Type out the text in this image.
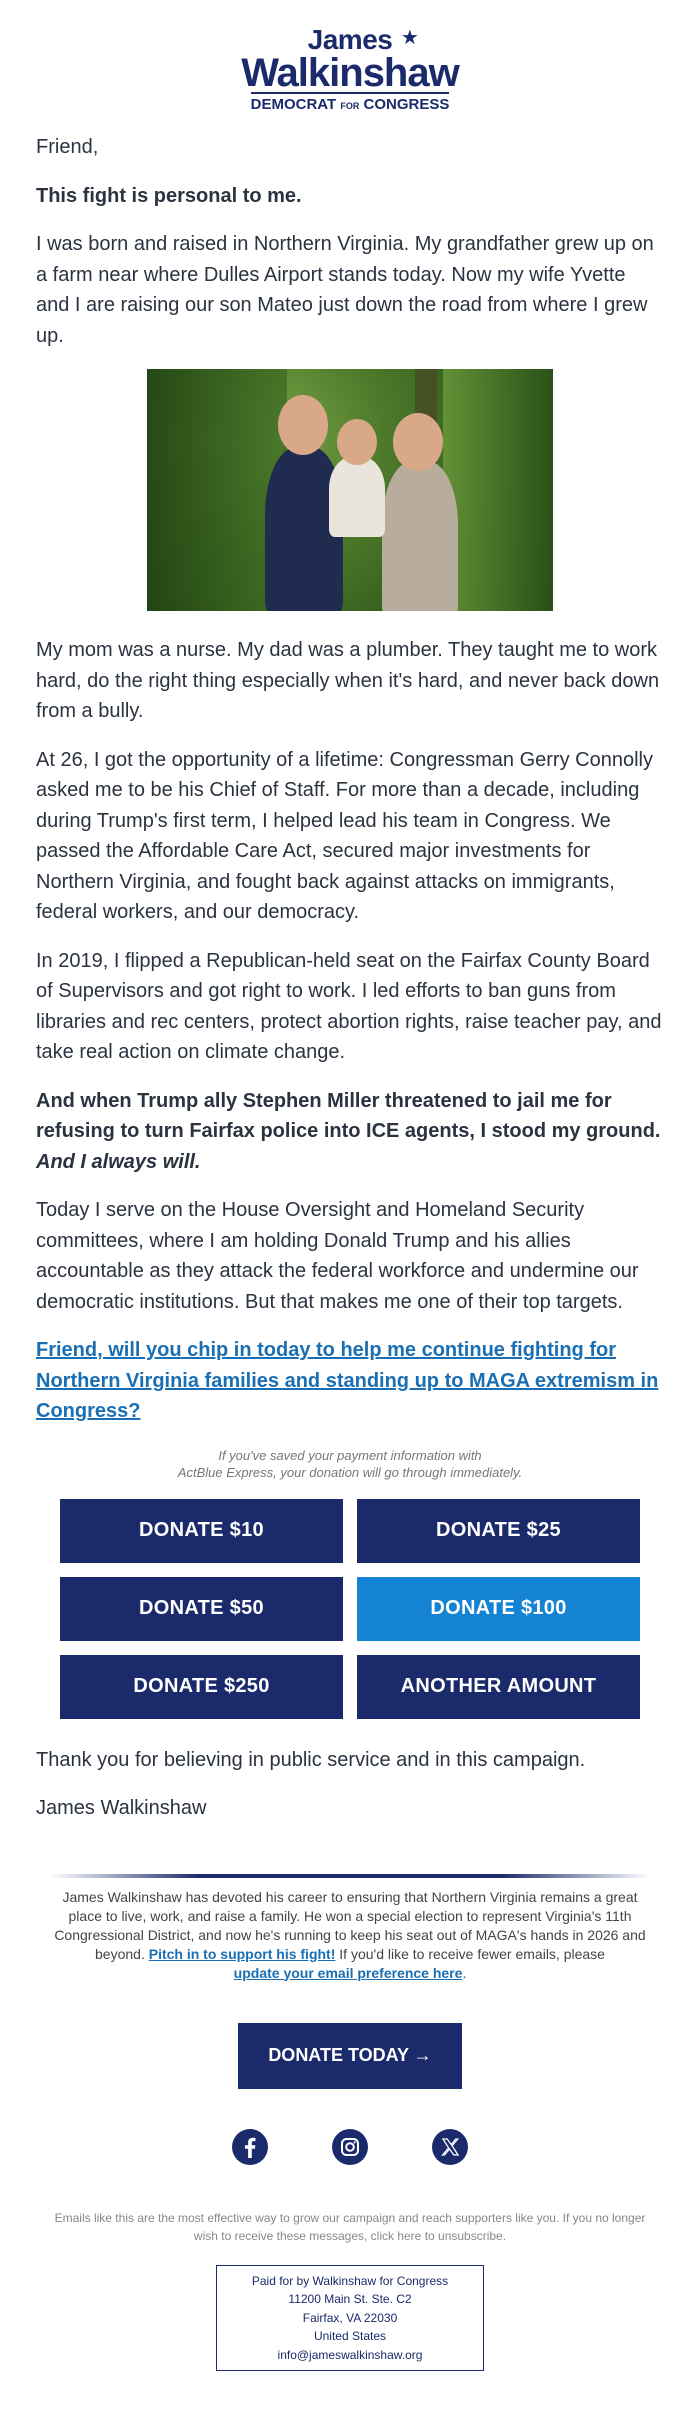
James ★
Walkinshaw
DEMOCRAT FOR CONGRESS

Friend,

This fight is personal to me.

I was born and raised in Northern Virginia. My grandfather grew up on a farm near where Dulles Airport stands today. Now my wife Yvette and I are raising our son Mateo just down the road from where I grew up.

My mom was a nurse. My dad was a plumber. They taught me to work hard, do the right thing especially when it's hard, and never back down from a bully.

At 26, I got the opportunity of a lifetime: Congressman Gerry Connolly asked me to be his Chief of Staff. For more than a decade, including during Trump's first term, I helped lead his team in Congress. We passed the Affordable Care Act, secured major investments for Northern Virginia, and fought back against attacks on immigrants, federal workers, and our democracy.

In 2019, I flipped a Republican-held seat on the Fairfax County Board of Supervisors and got right to work. I led efforts to ban guns from libraries and rec centers, protect abortion rights, raise teacher pay, and take real action on climate change.

And when Trump ally Stephen Miller threatened to jail me for refusing to turn Fairfax police into ICE agents, I stood my ground. And I always will.

Today I serve on the House Oversight and Homeland Security committees, where I am holding Donald Trump and his allies accountable as they attack the federal workforce and undermine our democratic institutions. But that makes me one of their top targets.

Friend, will you chip in today to help me continue fighting for Northern Virginia families and standing up to MAGA extremism in Congress?
If you've saved your payment information with
ActBlue Express, your donation will go through immediately.
DONATE $10	DONATE $25
DONATE $50	DONATE $100
DONATE $250	ANOTHER AMOUNT

Thank you for believing in public service and in this campaign.

James Walkinshaw

James Walkinshaw has devoted his career to ensuring that Northern Virginia remains a great place to live, work, and raise a family. He won a special election to represent Virginia's 11th Congressional District, and now he's running to keep his seat out of MAGA's hands in 2026 and beyond. Pitch in to support his fight! If you'd like to receive fewer emails, please
update your email preference here.
DONATE TODAY →
Emails like this are the most effective way to grow our campaign and reach supporters like you. If you no longer wish to receive these messages, click here to unsubscribe.
Paid for by Walkinshaw for Congress
11200 Main St. Ste. C2
Fairfax, VA 22030
United States
info@jameswalkinshaw.org
